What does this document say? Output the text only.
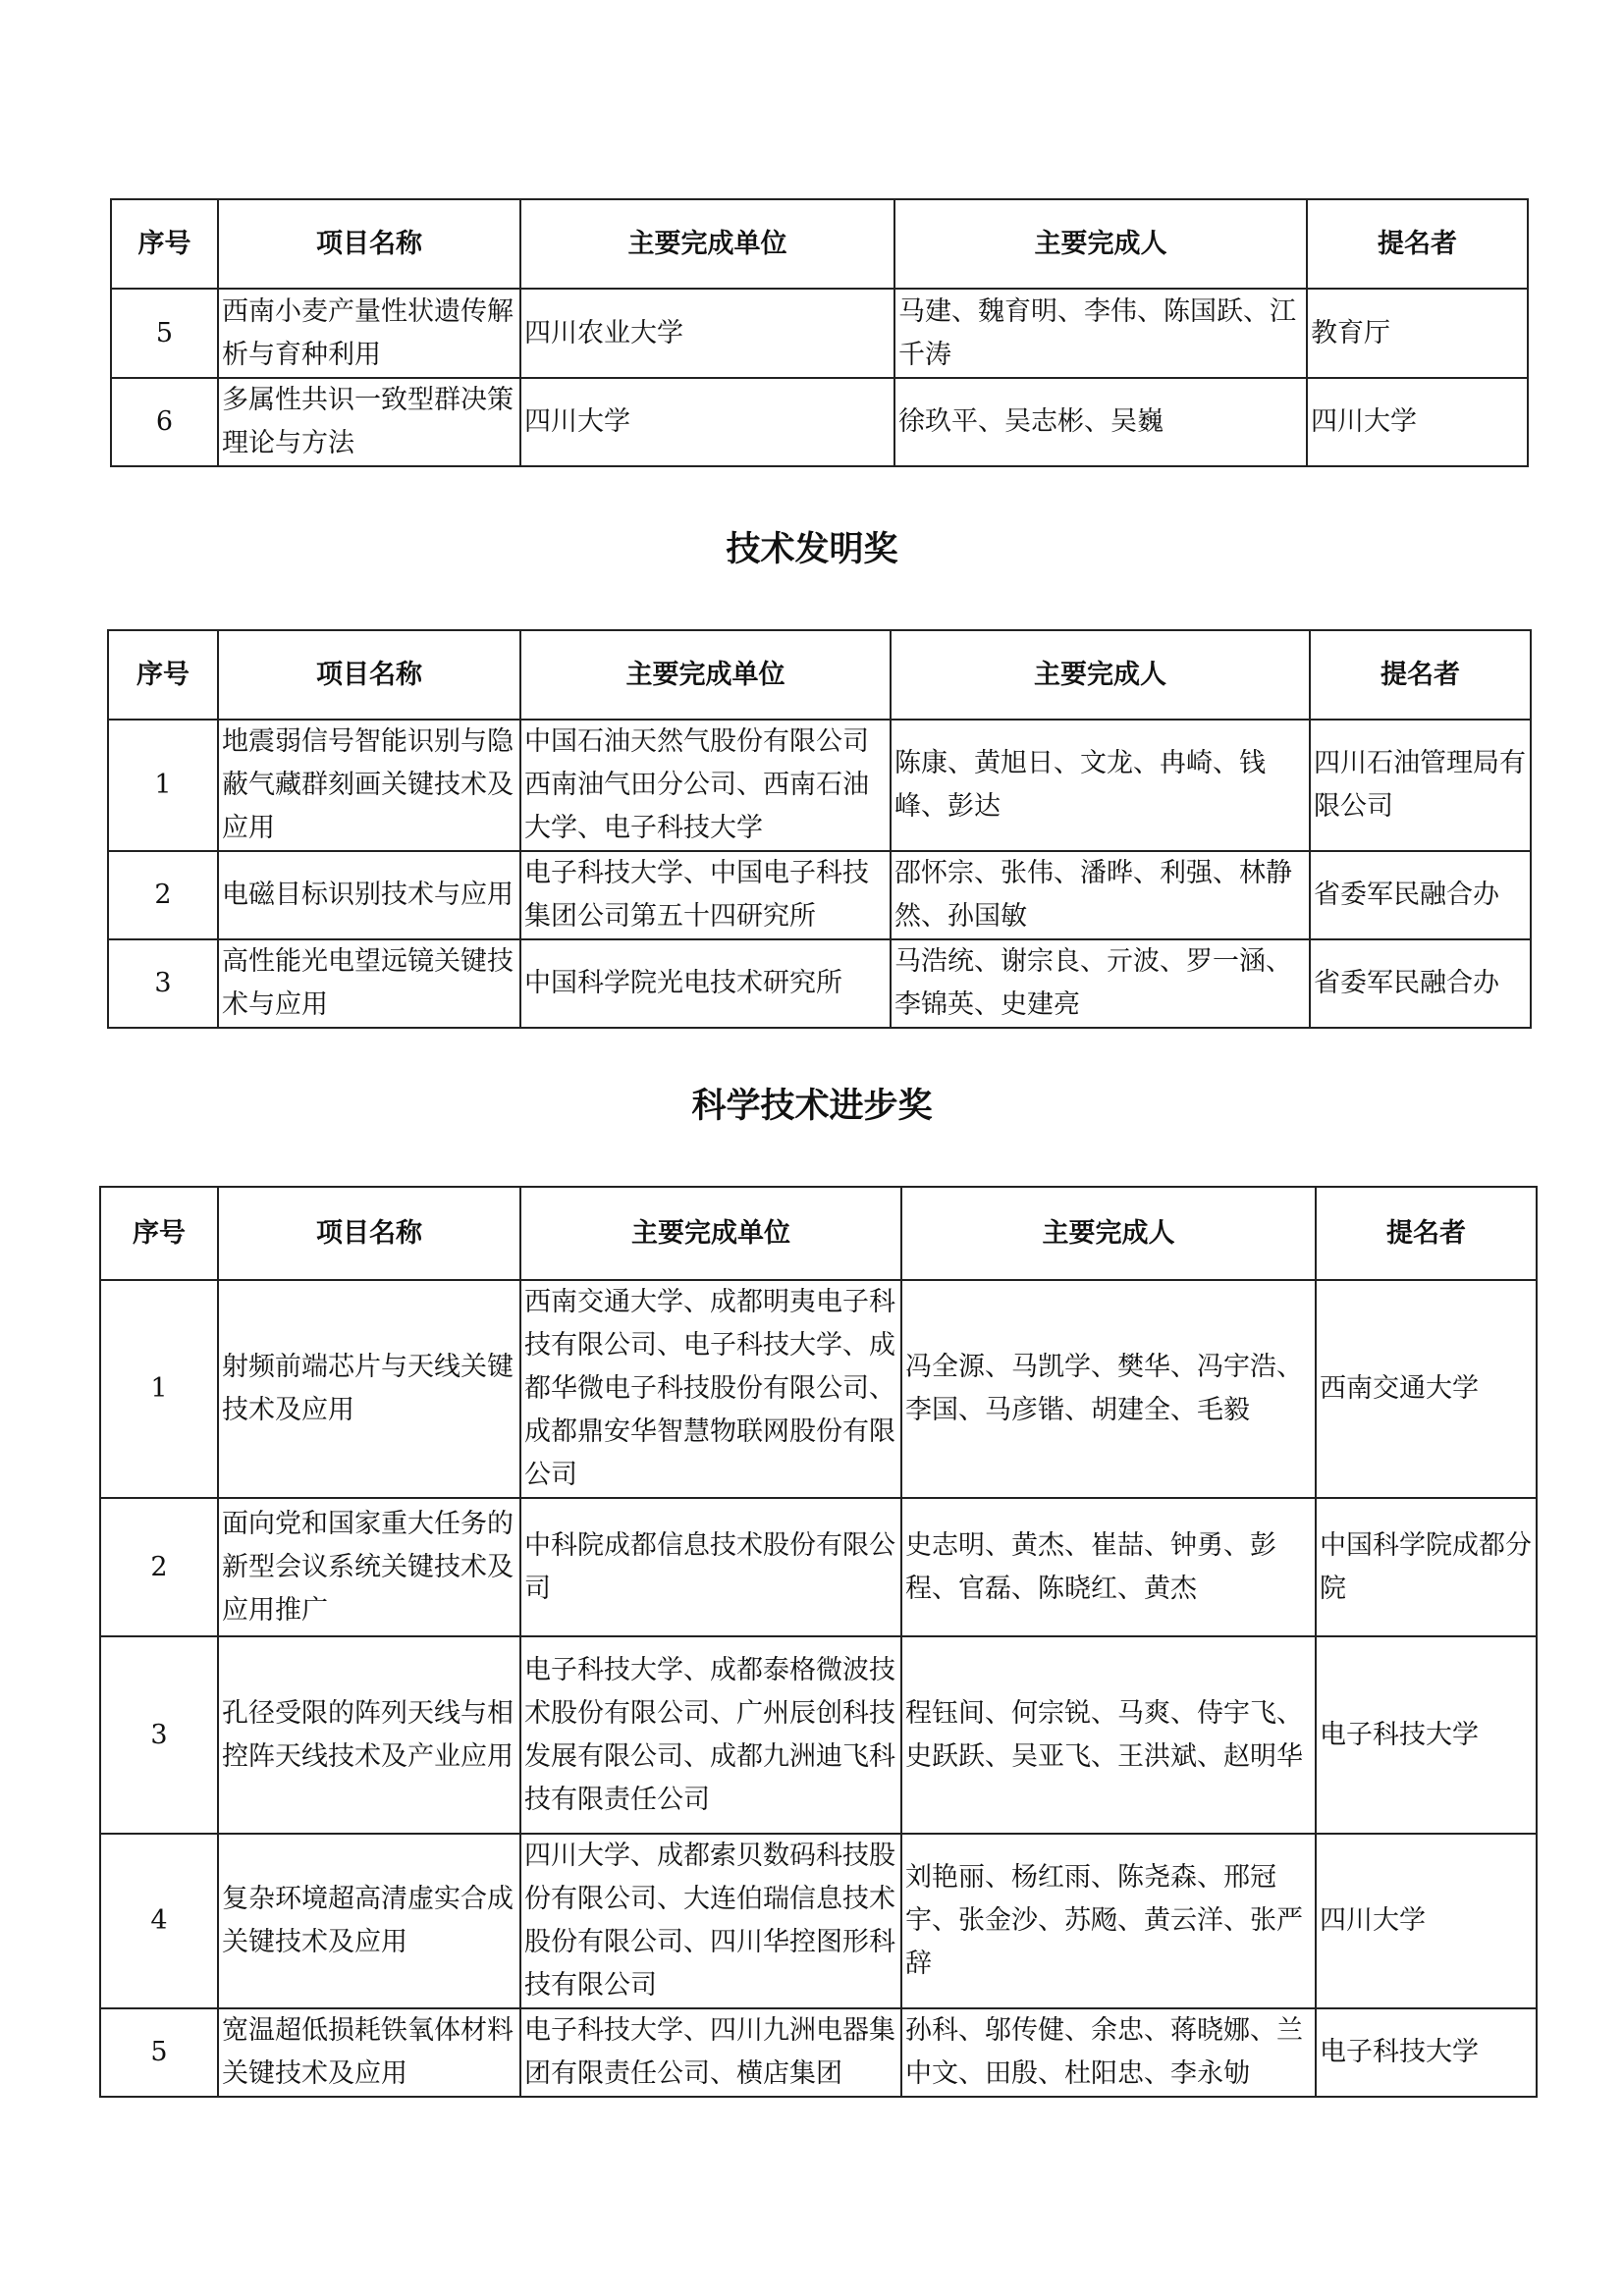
序号	项目名称	主要完成单位	主要完成人	提名者
5	西南小麦产量性状遗传解析与育种利用	四川农业大学	马建、魏育明、李伟、陈国跃、江千涛	教育厅
6	多属性共识一致型群决策理论与方法	四川大学	徐玖平、吴志彬、吴巍	四川大学
技术发明奖
序号	项目名称	主要完成单位	主要完成人	提名者
1	地震弱信号智能识别与隐蔽气藏群刻画关键技术及应用	中国石油天然气股份有限公司西南油气田分公司、西南石油大学、电子科技大学	陈康、黄旭日、文龙、冉崎、钱峰、彭达	四川石油管理局有限公司
2	电磁目标识别技术与应用	电子科技大学、中国电子科技集团公司第五十四研究所	邵怀宗、张伟、潘晔、利强、林静然、孙国敏	省委军民融合办
3	高性能光电望远镜关键技术与应用	中国科学院光电技术研究所	马浩统、谢宗良、亓波、罗一涵、李锦英、史建亮	省委军民融合办
科学技术进步奖
序号	项目名称	主要完成单位	主要完成人	提名者
1	射频前端芯片与天线关键技术及应用	西南交通大学、成都明夷电子科技有限公司、电子科技大学、成都华微电子科技股份有限公司、成都鼎安华智慧物联网股份有限公司	冯全源、马凯学、樊华、冯宇浩、李国、马彦锴、胡建全、毛毅	西南交通大学
2	面向党和国家重大任务的新型会议系统关键技术及应用推广	中科院成都信息技术股份有限公司	史志明、黄杰、崔喆、钟勇、彭程、官磊、陈晓红、黄杰	中国科学院成都分院
3	孔径受限的阵列天线与相控阵天线技术及产业应用	电子科技大学、成都泰格微波技术股份有限公司、广州辰创科技发展有限公司、成都九洲迪飞科技有限责任公司	程钰间、何宗锐、马爽、侍宇飞、史跃跃、吴亚飞、王洪斌、赵明华	电子科技大学
4	复杂环境超高清虚实合成关键技术及应用	四川大学、成都索贝数码科技股份有限公司、大连伯瑞信息技术股份有限公司、四川华控图形科技有限公司	刘艳丽、杨红雨、陈尧森、邢冠宇、张金沙、苏飏、黄云洋、张严辞	四川大学
5	宽温超低损耗铁氧体材料关键技术及应用	电子科技大学、四川九洲电器集团有限责任公司、横店集团	孙科、邬传健、余忠、蒋晓娜、兰中文、田殷、杜阳忠、李永劬	电子科技大学
